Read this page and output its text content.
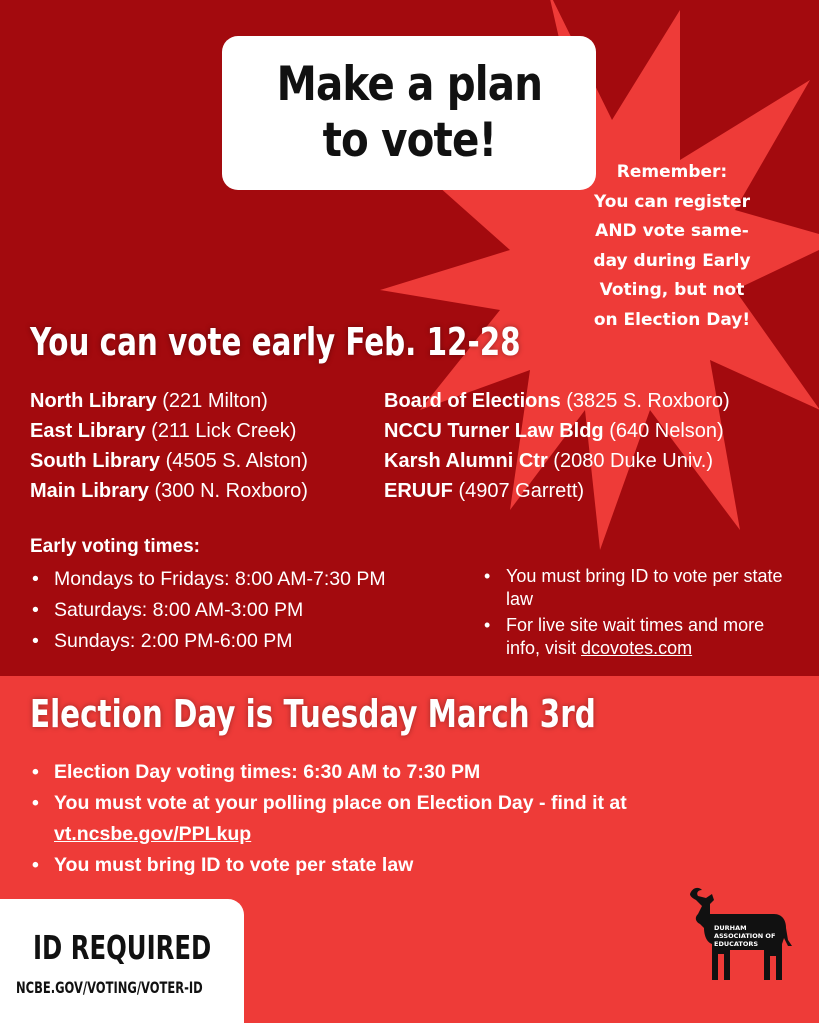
Make a plan
to vote!
Remember:
You can register
AND vote same-
day during Early
Voting, but not
on Election Day!
You can vote early Feb. 12-28
North Library (221 Milton)
East Library (211 Lick Creek)
South Library (4505 S. Alston)
Main Library (300 N. Roxboro)
Board of Elections (3825 S. Roxboro)
NCCU Turner Law Bldg (640 Nelson)
Karsh Alumni Ctr (2080 Duke Univ.)
ERUUF (4907 Garrett)
Early voting times:
• Mondays to Fridays: 8:00 AM-7:30 PM
• Saturdays: 8:00 AM-3:00 PM
• Sundays: 2:00 PM-6:00 PM
• You must bring ID to vote per state law
• For live site wait times and more info, visit dcovotes.com
Election Day is Tuesday March 3rd
• Election Day voting times: 6:30 AM to 7:30 PM
• You must vote at your polling place on Election Day - find it at vt.ncsbe.gov/PPLkup
• You must bring ID to vote per state law
ID REQUIRED
NCBE.GOV/VOTING/VOTER-ID
DURHAM
ASSOCIATION OF
EDUCATORS
